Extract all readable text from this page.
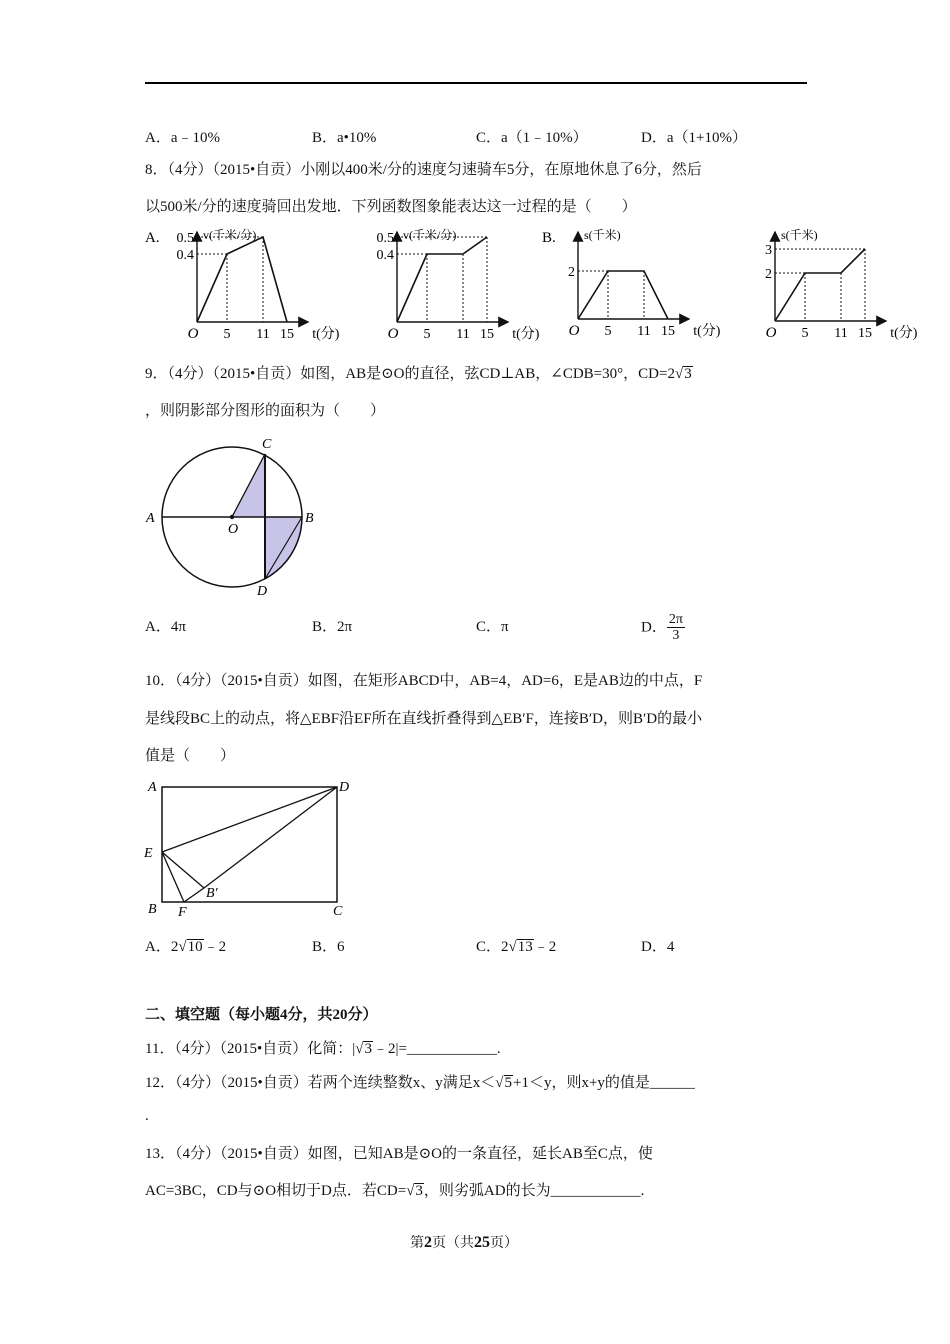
A．a﹣10%	B．a•10%	C．a（1﹣10%）	D．a（1+10%）
8．（4分）（2015•自贡）小刚以400米/分的速度匀速骑车5分，在原地休息了6分，然后
以500米/分的速度骑回出发地．下列函数图象能表达这一过程的是（　　）
A. 0.5
0.4
5 11 15
O	t(分)
v(千米/分)	B.
0.5
0.4
5 11 15
O	t(分)
v(千米/分)
2
5 11 15
O	t(分)
s(千米)
3
2
5 11 15
O	t(分)
s(千米)
9．（4分）（2015•自贡）如图，AB是⊙O的直径，弦CD⊥AB，∠CDB=30°，CD=2√3
，则阴影部分图形的面积为（　　）
A	B
C
D
O
A．4π	B．2π	C．π	D． $\frac{2\pi}{3}$
10．（4分）（2015•自贡）如图，在矩形ABCD中，AB=4，AD=6，E是AB边的中点，F
是线段BC上的动点，将△EBF沿EF所在直线折叠得到△EB′F，连接B′D，则B′D的最小
值是（　　）
A	D
E
B F	C
B′
A．2√10﹣2	B．6	C．2√13﹣2	D．4
二、填空题（每小题4分，共20分）
11．（4分）（2015•自贡）化简：|√3﹣2|=____________.
12．（4分）（2015•自贡）若两个连续整数x、y满足x＜√5+1＜y，则x+y的值是______
.
13．（4分）（2015•自贡）如图，已知AB是⊙O的一条直径，延长AB至C点，使
AC=3BC，CD与⊙O相切于D点．若CD=√3，则劣弧AD的长为____________.
第2页（共25页）
